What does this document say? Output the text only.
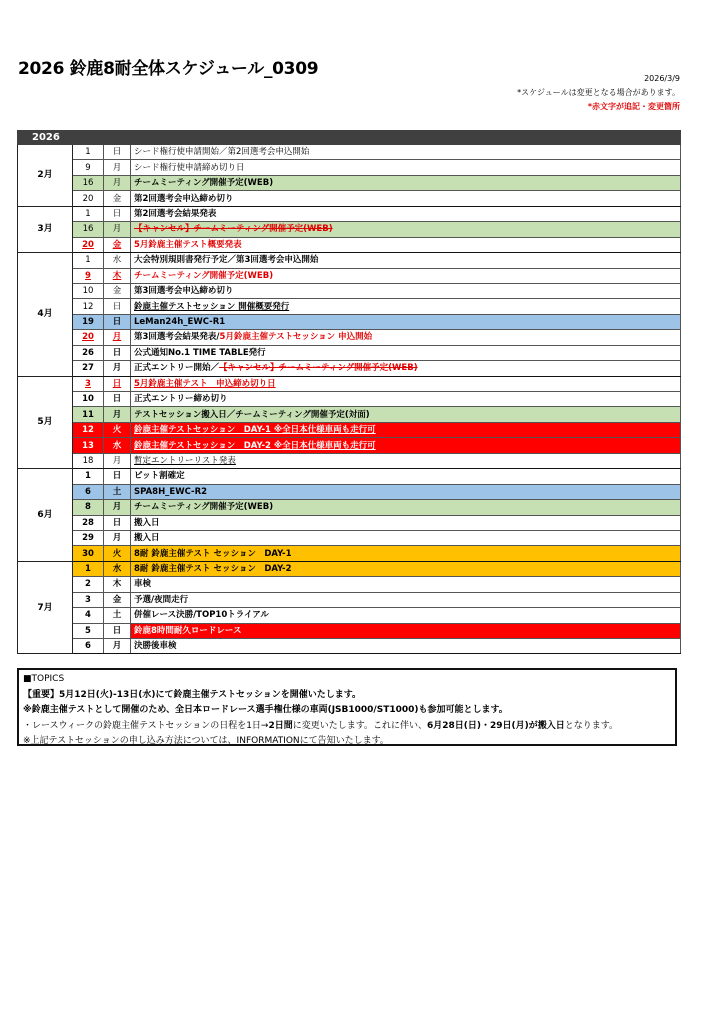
2026 鈴鹿8耐全体スケジュール_0309	2026/3/9
*スケジュールは変更となる場合があります。
*赤文字が追記・変更箇所
2026			
2月	1	日	シード権行使申請開始／第2回選考会申込開始
	9	月	シード権行使申請締め切り日
	16	月	チームミーティング開催予定(WEB)
	20	金	第2回選考会申込締め切り
3月	1	日	第2回選考会結果発表
	16	月	【キャンセル】チームミーティング開催予定(WEB)
	20	金	5月鈴鹿主催テスト概要発表
4月	1	水	大会特別規則書発行予定／第3回選考会申込開始
	9	木	チームミーティング開催予定(WEB)
	10	金	第3回選考会申込締め切り
	12	日	鈴鹿主催テストセッション 開催概要発行
	19	日	LeMan24h_EWC-R1
	20	月	第3回選考会結果発表/5月鈴鹿主催テストセッション 申込開始
	26	日	公式通知No.1 TIME TABLE発行
	27	月	正式エントリー開始／【キャンセル】チームミーティング開催予定(WEB)
5月	3	日	5月鈴鹿主催テスト　申込締め切り日
	10	日	正式エントリー締め切り
	11	月	テストセッション搬入日／チームミーティング開催予定(対面)
	12	火	鈴鹿主催テストセッション　DAY-1 ※全日本仕様車両も走行可
	13	水	鈴鹿主催テストセッション　DAY-2 ※全日本仕様車両も走行可
	18	月	暫定エントリーリスト発表
6月	1	日	ピット割確定
	6	土	SPA8H_EWC-R2
	8	月	チームミーティング開催予定(WEB)
	28	日	搬入日
	29	月	搬入日
	30	火	8耐 鈴鹿主催テスト セッション　DAY-1
7月	1	水	8耐 鈴鹿主催テスト セッション　DAY-2
	2	木	車検
	3	金	予選/夜間走行
	4	土	併催レース決勝/TOP10トライアル
	5	日	鈴鹿8時間耐久ロードレース
	6	月	決勝後車検
■TOPICS
【重要】5月12日(火)-13日(水)にて鈴鹿主催テストセッションを開催いたします。
※鈴鹿主催テストとして開催のため、全日本ロードレース選手権仕様の車両(JSB1000/ST1000)も参加可能とします。
・レースウィークの鈴鹿主催テストセッションの日程を1日→2日間に変更いたします。これに伴い、6月28日(日)・29日(月)が搬入日となります。
※上記テストセッションの申し込み方法については、INFORMATIONにて告知いたします。
